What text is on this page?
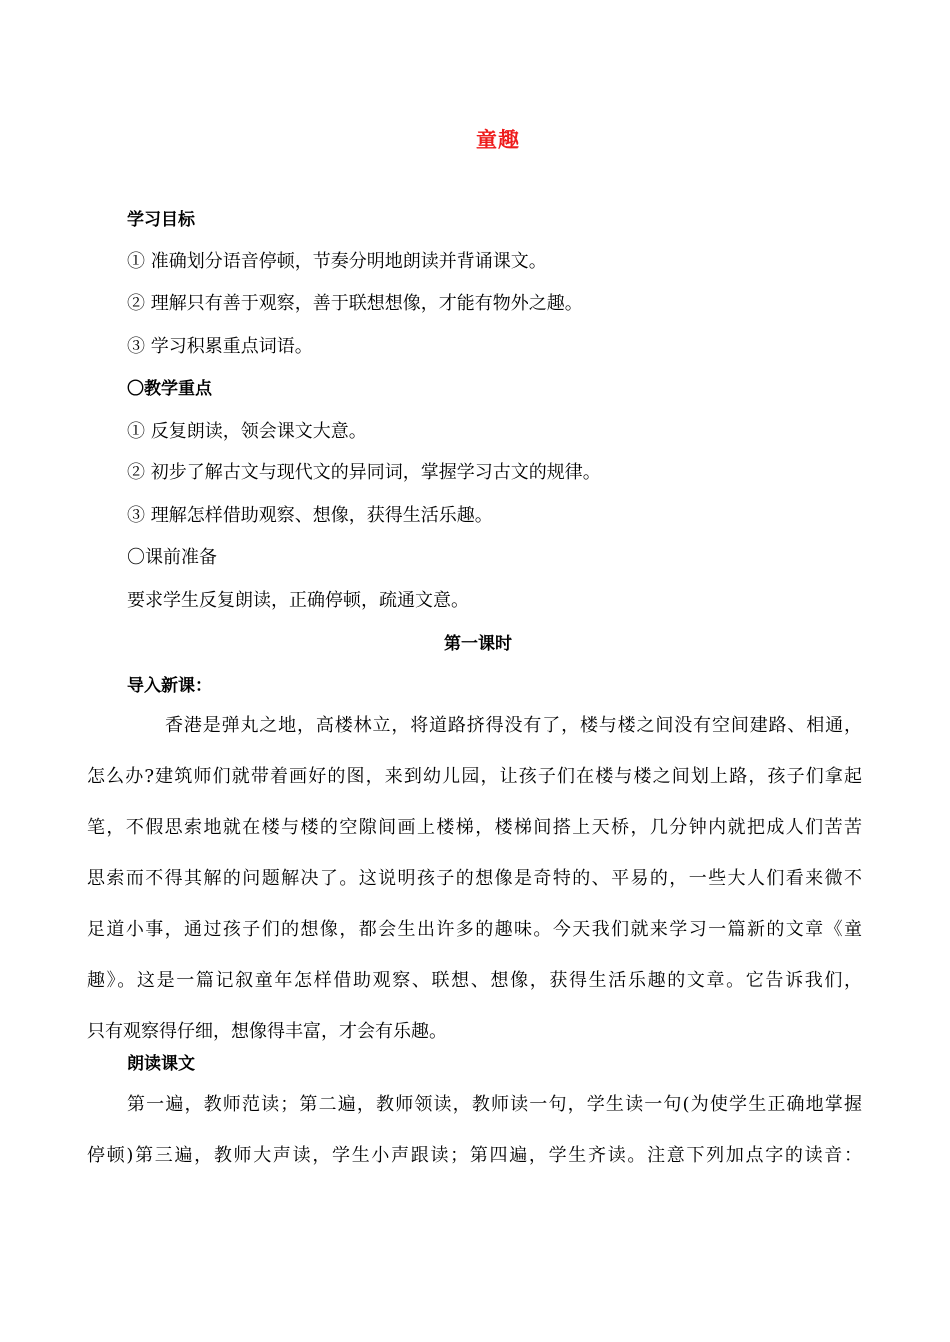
童趣
学习目标
① 准确划分语音停顿，节奏分明地朗读并背诵课文。
② 理解只有善于观察，善于联想想像，才能有物外之趣。
③ 学习积累重点词语。
〇教学重点
① 反复朗读，领会课文大意。
② 初步了解古文与现代文的异同词，掌握学习古文的规律。
③ 理解怎样借助观察、想像，获得生活乐趣。
〇课前准备
要求学生反复朗读，正确停顿，疏通文意。
第一课时
导入新课：
香港是弹丸之地，高楼林立，将道路挤得没有了，楼与楼之间没有空间建路、相通，
怎么办?建筑师们就带着画好的图，来到幼儿园，让孩子们在楼与楼之间划上路，孩子们拿起
笔，不假思索地就在楼与楼的空隙间画上楼梯，楼梯间搭上天桥，几分钟内就把成人们苦苦
思索而不得其解的问题解决了。这说明孩子的想像是奇特的、平易的，一些大人们看来微不
足道小事，通过孩子们的想像，都会生出许多的趣味。今天我们就来学习一篇新的文章《童
趣》。这是一篇记叙童年怎样借助观察、联想、想像，获得生活乐趣的文章。它告诉我们，
只有观察得仔细，想像得丰富，才会有乐趣。
朗读课文
第一遍，教师范读；第二遍，教师领读，教师读一句，学生读一句(为使学生正确地掌握
停顿)第三遍，教师大声读，学生小声跟读；第四遍，学生齐读。注意下列加点字的读音：
